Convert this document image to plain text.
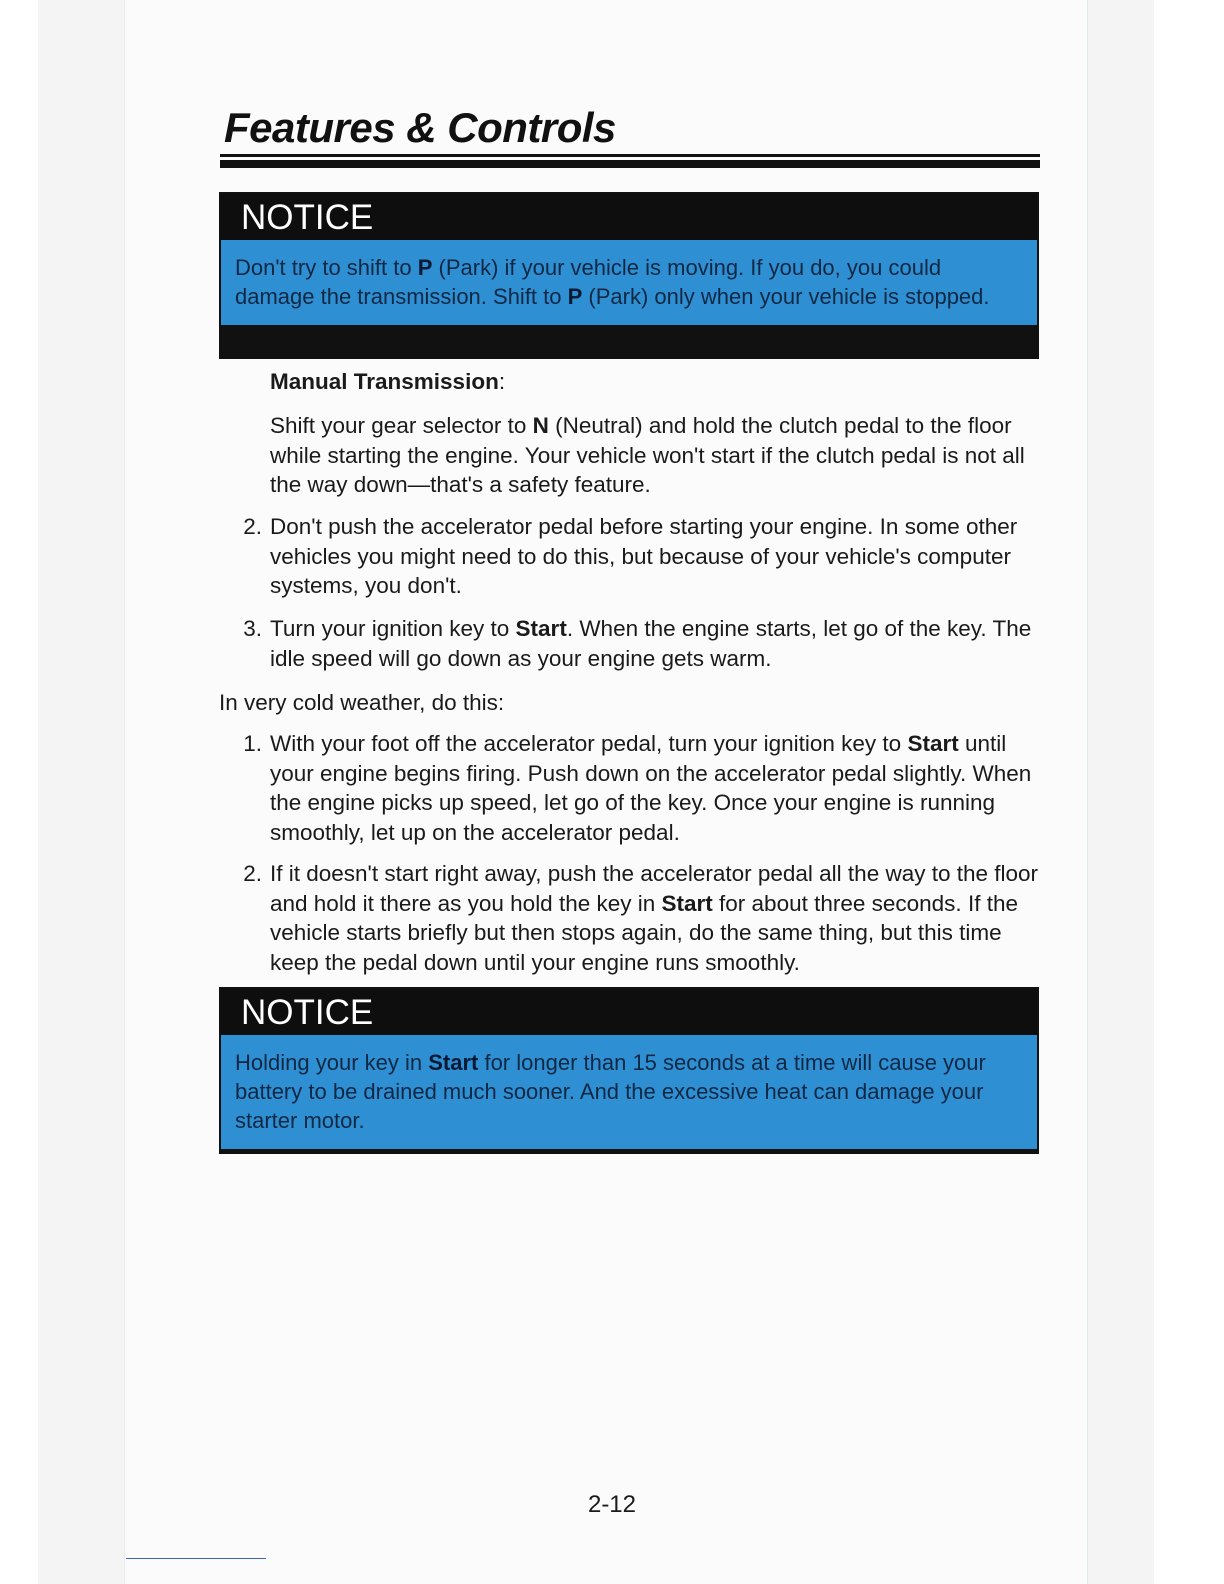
Features & Controls
NOTICE
Don't try to shift to P (Park) if your vehicle is moving. If you do, you could damage the transmission. Shift to P (Park) only when your vehicle is stopped.
Manual Transmission:
Shift your gear selector to N (Neutral) and hold the clutch pedal to the floor while starting the engine. Your vehicle won't start if the clutch pedal is not all the way down—that's a safety feature.
2. Don't push the accelerator pedal before starting your engine. In some other vehicles you might need to do this, but because of your vehicle's computer systems, you don't.
3. Turn your ignition key to Start. When the engine starts, let go of the key. The idle speed will go down as your engine gets warm.
In very cold weather, do this:
1. With your foot off the accelerator pedal, turn your ignition key to Start until your engine begins firing. Push down on the accelerator pedal slightly. When the engine picks up speed, let go of the key. Once your engine is running smoothly, let up on the accelerator pedal.
2. If it doesn't start right away, push the accelerator pedal all the way to the floor and hold it there as you hold the key in Start for about three seconds. If the vehicle starts briefly but then stops again, do the same thing, but this time keep the pedal down until your engine runs smoothly.
NOTICE
Holding your key in Start for longer than 15 seconds at a time will cause your battery to be drained much sooner. And the excessive heat can damage your starter motor.
2-12
